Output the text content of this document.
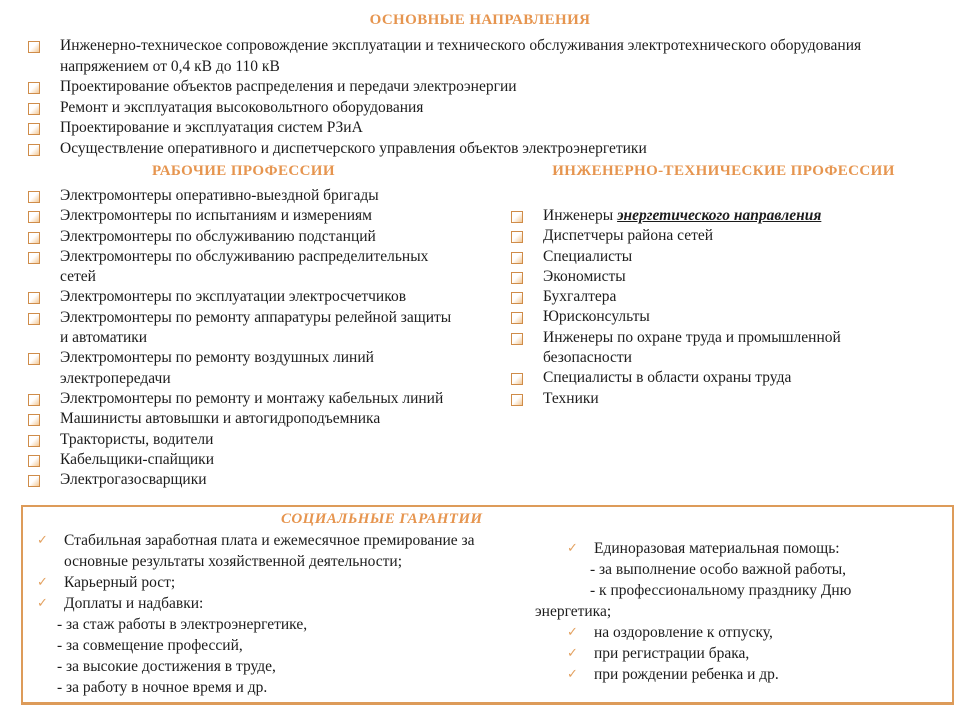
ОСНОВНЫЕ НАПРАВЛЕНИЯ
Инженерно-техническое сопровождение эксплуатации и технического обслуживания электротехнического оборудования напряжением от 0,4 кВ до 110 кВ
Проектирование объектов распределения и передачи электроэнергии
Ремонт и эксплуатация высоковольтного оборудования
Проектирование и эксплуатация систем РЗиА
Осуществление оперативного и диспетчерского управления объектов электроэнергетики
РАБОЧИЕ ПРОФЕССИИ
Электромонтеры оперативно-выездной бригады
Электромонтеры по испытаниям и измерениям
Электромонтеры по обслуживанию подстанций
Электромонтеры по обслуживанию распределительных сетей
Электромонтеры по эксплуатации электросчетчиков
Электромонтеры по ремонту аппаратуры релейной защиты и автоматики
Электромонтеры по ремонту воздушных линий электропередачи
Электромонтеры по ремонту и монтажу кабельных линий
Машинисты автовышки и автогидроподъемника
Трактористы, водители
Кабельщики-спайщики
Электрогазосварщики
ИНЖЕНЕРНО-ТЕХНИЧЕСКИЕ ПРОФЕССИИ
Инженеры энергетического направления
Диспетчеры района сетей
Специалисты
Экономисты
Бухгалтера
Юрисконсульты
Инженеры по охране труда и промышленной безопасности
Специалисты в области охраны труда
Техники
СОЦИАЛЬНЫЕ ГАРАНТИИ
✓	Стабильная заработная плата и ежемесячное премирование за основные результаты хозяйственной деятельности;
✓	Карьерный рост;
✓	Доплаты и надбавки:
- за стаж работы в электроэнергетике,
- за совмещение профессий,
- за высокие достижения в труде,
- за работу в ночное время и др.
✓	Единоразовая материальная помощь:
- за выполнение особо важной работы,
- к профессиональному празднику Дню
энергетика;
✓	на оздоровление к отпуску,
✓	при регистрации брака,
✓	при рождении ребенка и др.
